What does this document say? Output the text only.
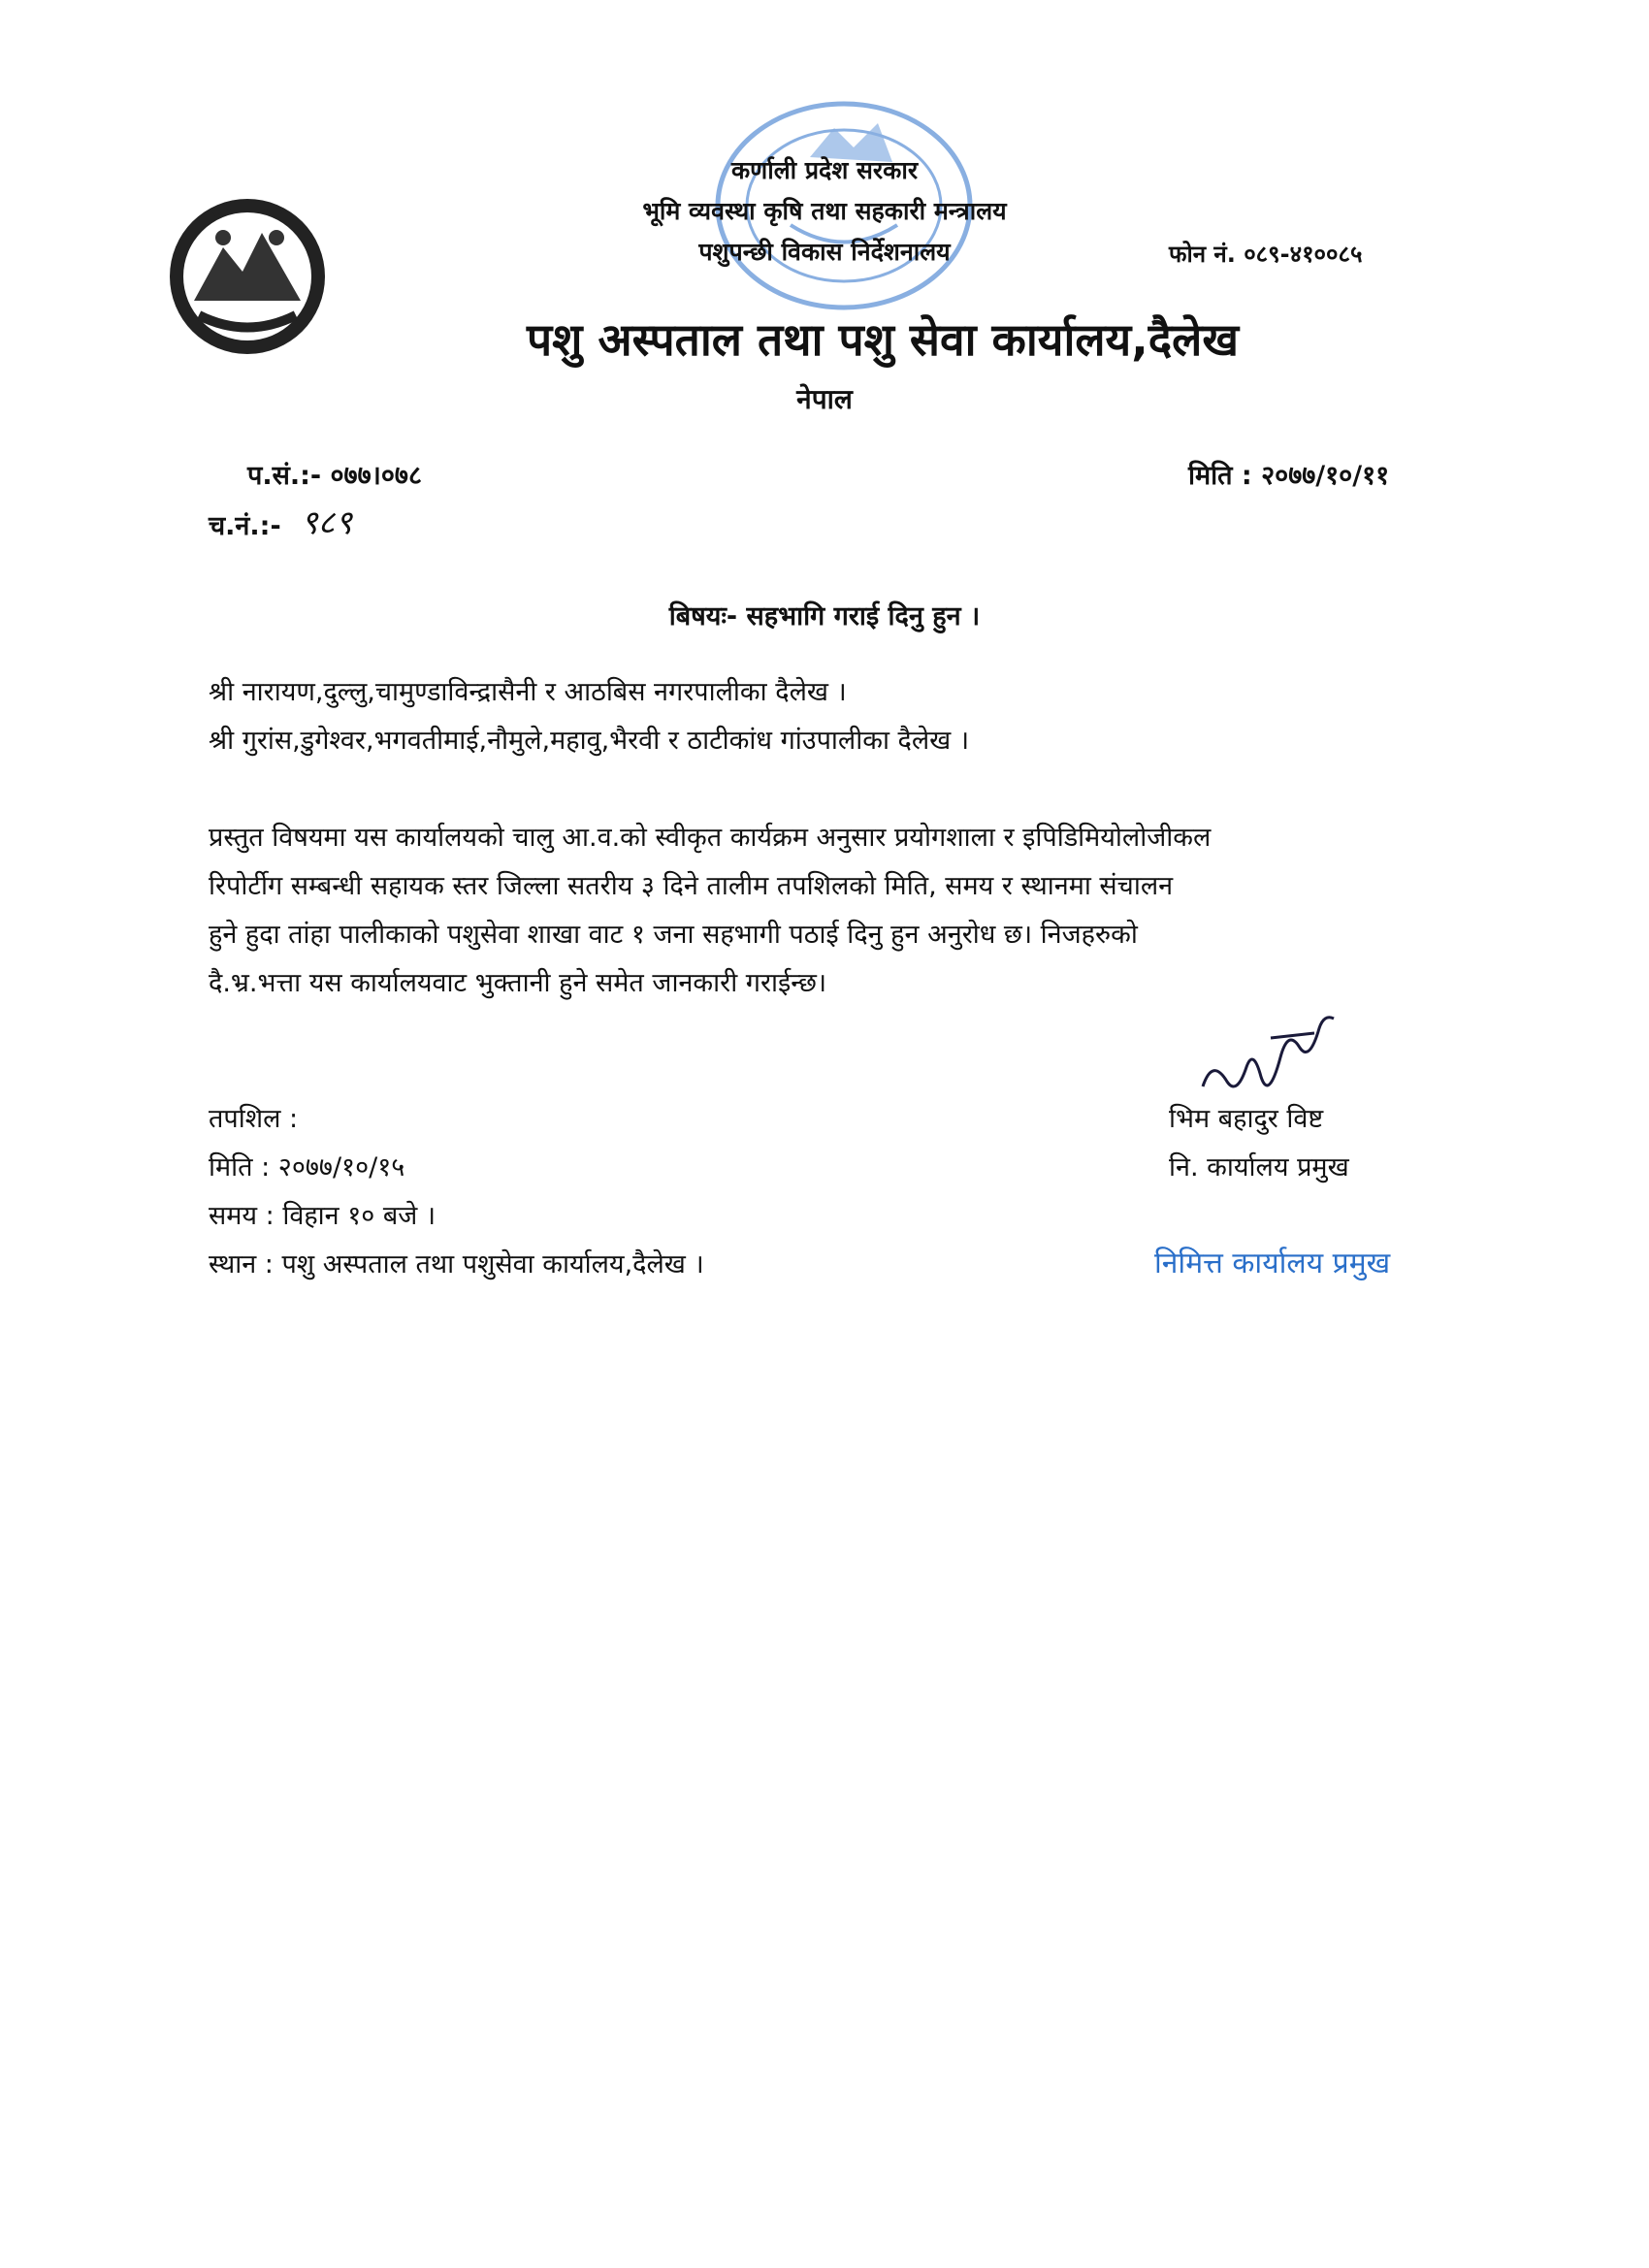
कर्णाली प्रदेश सरकार
भूमि व्यवस्था कृषि तथा सहकारी मन्त्रालय
पशुपन्छी विकास निर्देशनालय	फोन नं. ०८९-४१००८५
पशु अस्पताल तथा पशु सेवा कार्यालय,दैलेख
नेपाल
प.सं.:- ०७७।०७८	मिति : २०७७/१०/११
च.नं.:- ९८९
बिषयः- सहभागि गराई दिनु हुन ।
श्री नारायण,दुल्लु,चामुण्डाविन्द्रासैनी र आठबिस नगरपालीका दैलेख ।
श्री गुरांस,डुगेश्वर,भगवतीमाई,नौमुले,महावु,भैरवी र ठाटीकांध गांउपालीका दैलेख ।
प्रस्तुत विषयमा यस कार्यालयको चालु आ.व.को स्वीकृत कार्यक्रम अनुसार प्रयोगशाला र इपिडिमियोलोजीकल
रिपोर्टीग सम्बन्धी सहायक स्तर जिल्ला सतरीय ३ दिने तालीम तपशिलको मिति, समय र स्थानमा संचालन
हुने हुदा तांहा पालीकाको पशुसेवा शाखा वाट १ जना सहभागी पठाई दिनु हुन अनुरोध छ। निजहरुको
दै.भ्र.भत्ता यस कार्यालयवाट भुक्तानी हुने समेत जानकारी गराईन्छ।
तपशिल :
मिति : २०७७/१०/१५
समय : विहान १० बजे ।
स्थान : पशु अस्पताल तथा पशुसेवा कार्यालय,दैलेख ।
भिम बहादुर विष्ट
नि. कार्यालय प्रमुख
निमित्त कार्यालय प्रमुख
